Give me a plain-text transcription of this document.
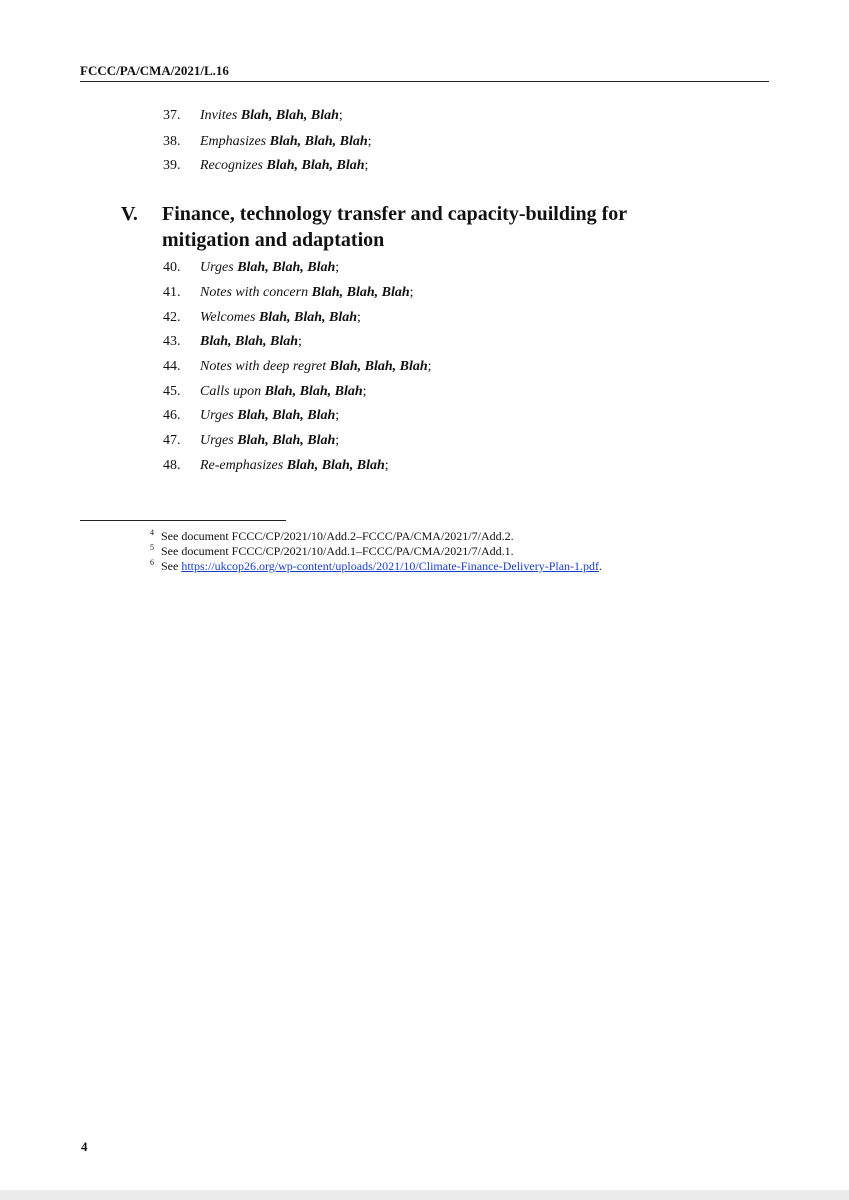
FCCC/PA/CMA/2021/L.16
37. Invites Blah, Blah, Blah;
38. Emphasizes Blah, Blah, Blah;
39. Recognizes Blah, Blah, Blah;
V.	Finance, technology transfer and capacity-building for mitigation and adaptation
40. Urges Blah, Blah, Blah;
41. Notes with concern Blah, Blah, Blah;
42. Welcomes Blah, Blah, Blah;
43. Blah, Blah, Blah;
44. Notes with deep regret Blah, Blah, Blah;
45. Calls upon Blah, Blah, Blah;
46. Urges Blah, Blah, Blah;
47. Urges Blah, Blah, Blah;
48. Re-emphasizes Blah, Blah, Blah;
4 See document FCCC/CP/2021/10/Add.2–FCCC/PA/CMA/2021/7/Add.2.
5 See document FCCC/CP/2021/10/Add.1–FCCC/PA/CMA/2021/7/Add.1.
6 See https://ukcop26.org/wp-content/uploads/2021/10/Climate-Finance-Delivery-Plan-1.pdf.
4
